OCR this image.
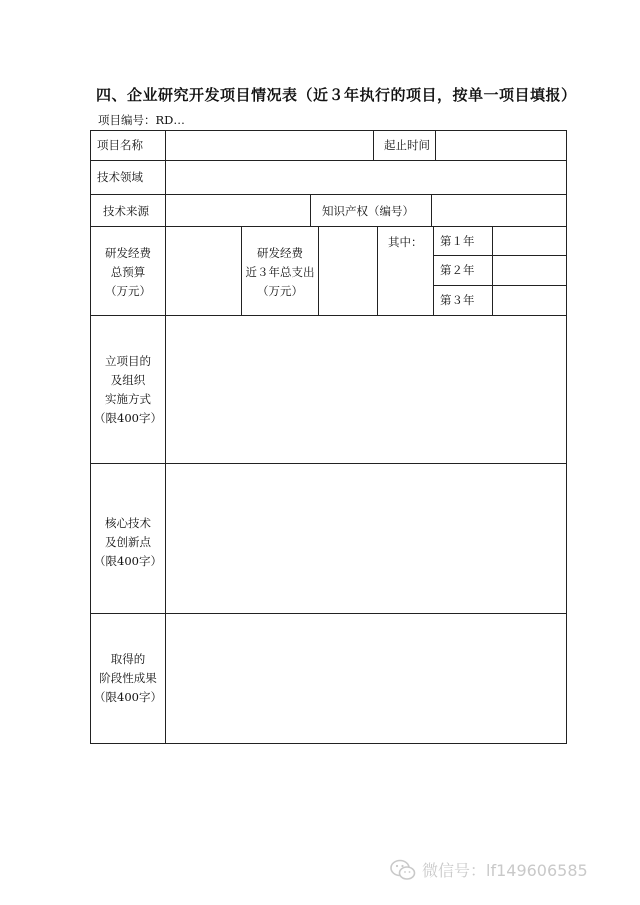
四、企业研究开发项目情况表（近３年执行的项目，按单一项目填报）
项目编号：RD…
项目名称	起止时间
技术领域
技术来源	知识产权（编号）
研发经费
总预算
（万元）
研发经费
近３年总支出
（万元）
其中： 第１年
第２年
第３年
立项目的
及组织
实施方式
（限400字）
核心技术
及创新点
（限400字）
取得的
阶段性成果
（限400字）
微信号：lf149606585
